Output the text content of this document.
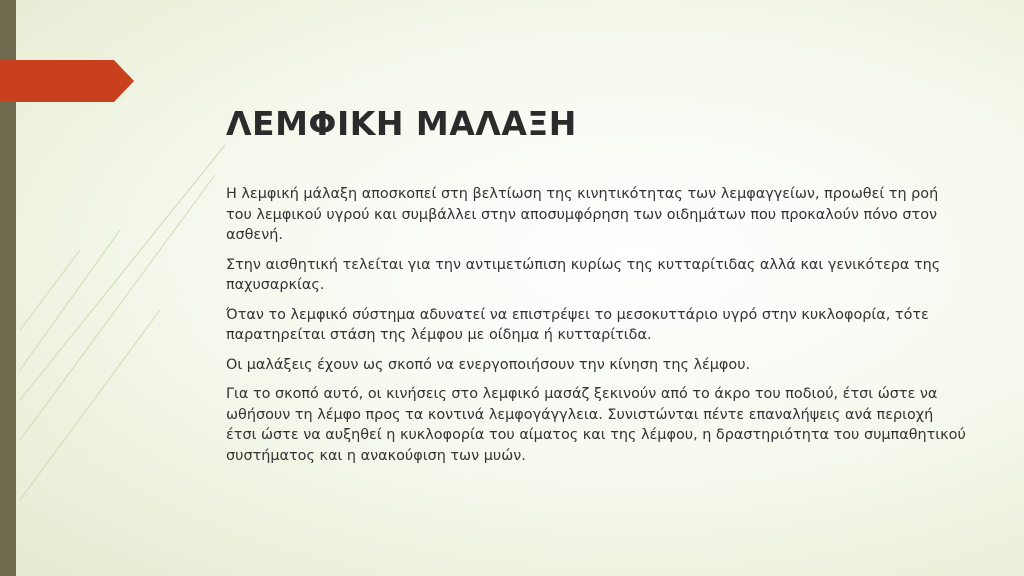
ΛΕΜΦΙΚΗ ΜΑΛΑΞΗ

Η λεμφική μάλαξη αποσκοπεί στη βελτίωση της κινητικότητας των λεμφαγγείων, προωθεί τη ροή του λεμφικού υγρού και συμβάλλει στην αποσυμφόρηση των οιδημάτων που προκαλούν πόνο στον ασθενή.

Στην αισθητική τελείται για την αντιμετώπιση κυρίως της κυτταρίτιδας αλλά και γενικότερα της παχυσαρκίας.

Όταν το λεμφικό σύστημα αδυνατεί να επιστρέψει το μεσοκυττάριο υγρό στην κυκλοφορία, τότε παρατηρείται στάση της λέμφου με οίδημα ή κυτταρίτιδα.

Οι μαλάξεις έχουν ως σκοπό να ενεργοποιήσουν την κίνηση της λέμφου.

Για το σκοπό αυτό, οι κινήσεις στο λεμφικό μασάζ ξεκινούν από το άκρο του ποδιού, έτσι ώστε να ωθήσουν τη λέμφο προς τα κοντινά λεμφογάγγλεια. Συνιστώνται πέντε επαναλήψεις ανά περιοχή έτσι ώστε να αυξηθεί η κυκλοφορία του αίματος και της λέμφου, η δραστηριότητα του συμπαθητικού συστήματος και η ανακούφιση των μυών.
